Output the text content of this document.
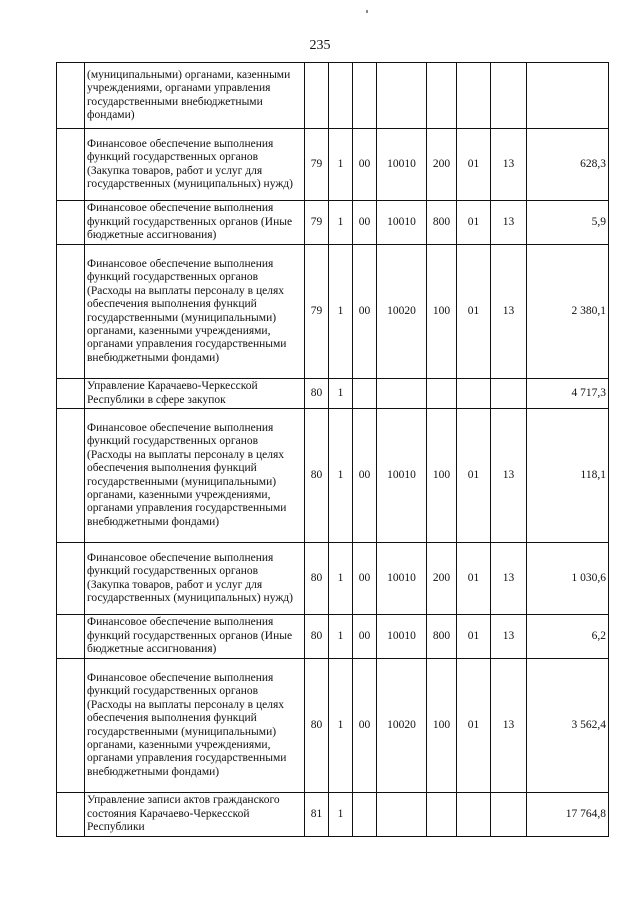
235
	(муниципальными) органами, казенными учреждениями, органами управления государственными внебюджетными фондами)								
	Финансовое обеспечение выполнения функций государственных органов (Закупка товаров, работ и услуг для государственных (муниципальных) нужд)	79	1	00	10010	200	01	13	628,3
	Финансовое обеспечение выполнения функций государственных органов (Иные бюджетные ассигнования)	79	1	00	10010	800	01	13	5,9
	Финансовое обеспечение выполнения функций государственных органов (Расходы на выплаты персоналу в целях обеспечения выполнения функций государственными (муниципальными) органами, казенными учреждениями, органами управления государственными внебюджетными фондами)	79	1	00	10020	100	01	13	2 380,1
	Управление Карачаево-Черкесской Республики в сфере закупок	80	1						4 717,3
	Финансовое обеспечение выполнения функций государственных органов (Расходы на выплаты персоналу в целях обеспечения выполнения функций государственными (муниципальными) органами, казенными учреждениями, органами управления государственными внебюджетными фондами)	80	1	00	10010	100	01	13	118,1
	Финансовое обеспечение выполнения функций государственных органов (Закупка товаров, работ и услуг для государственных (муниципальных) нужд)	80	1	00	10010	200	01	13	1 030,6
	Финансовое обеспечение выполнения функций государственных органов (Иные бюджетные ассигнования)	80	1	00	10010	800	01	13	6,2
	Финансовое обеспечение выполнения функций государственных органов (Расходы на выплаты персоналу в целях обеспечения выполнения функций государственными (муниципальными) органами, казенными учреждениями, органами управления государственными внебюджетными фондами)	80	1	00	10020	100	01	13	3 562,4
	Управление записи актов гражданского состояния Карачаево-Черкесской Республики	81	1						17 764,8
